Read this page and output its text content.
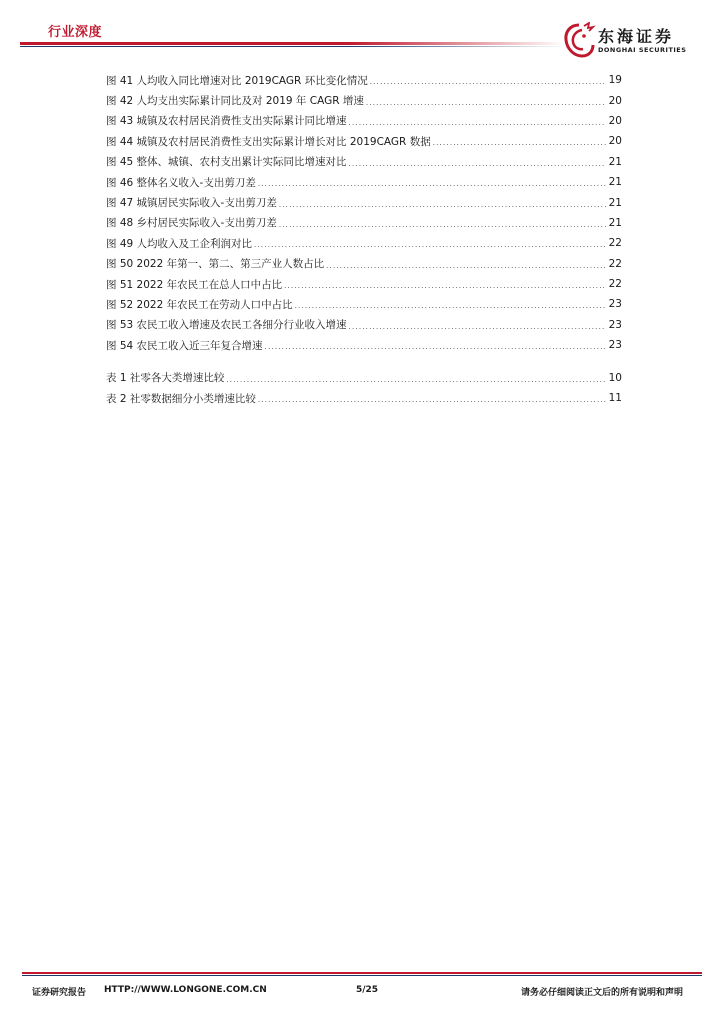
行业深度	东海证券
DONGHAI SECURITIES
图 41 人均收入同比增速对比 2019CAGR 环比变化情况 .....	19
图 42 人均支出实际累计同比及对 2019 年 CAGR 增速 .....	20
图 43 城镇及农村居民消费性支出实际累计同比增速 .....	20
图 44 城镇及农村居民消费性支出实际累计增长对比 2019CAGR 数据 .....	20
图 45 整体、城镇、农村支出累计实际同比增速对比 .....	21
图 46 整体名义收入-支出剪刀差 .....	21
图 47 城镇居民实际收入-支出剪刀差 .....	21
图 48 乡村居民实际收入-支出剪刀差 .....	21
图 49 人均收入及工企利润对比 .....	22
图 50 2022 年第一、第二、第三产业人数占比 .....	22
图 51 2022 年农民工在总人口中占比 .....	22
图 52 2022 年农民工在劳动人口中占比 .....	23
图 53 农民工收入增速及农民工各细分行业收入增速 .....	23
图 54 农民工收入近三年复合增速 .....	23
表 1 社零各大类增速比较 .....	10
表 2 社零数据细分小类增速比较 .....	11
证券研究报告 HTTP://WWW.LONGONE.COM.CN	5/25	请务必仔细阅读正文后的所有说明和声明
